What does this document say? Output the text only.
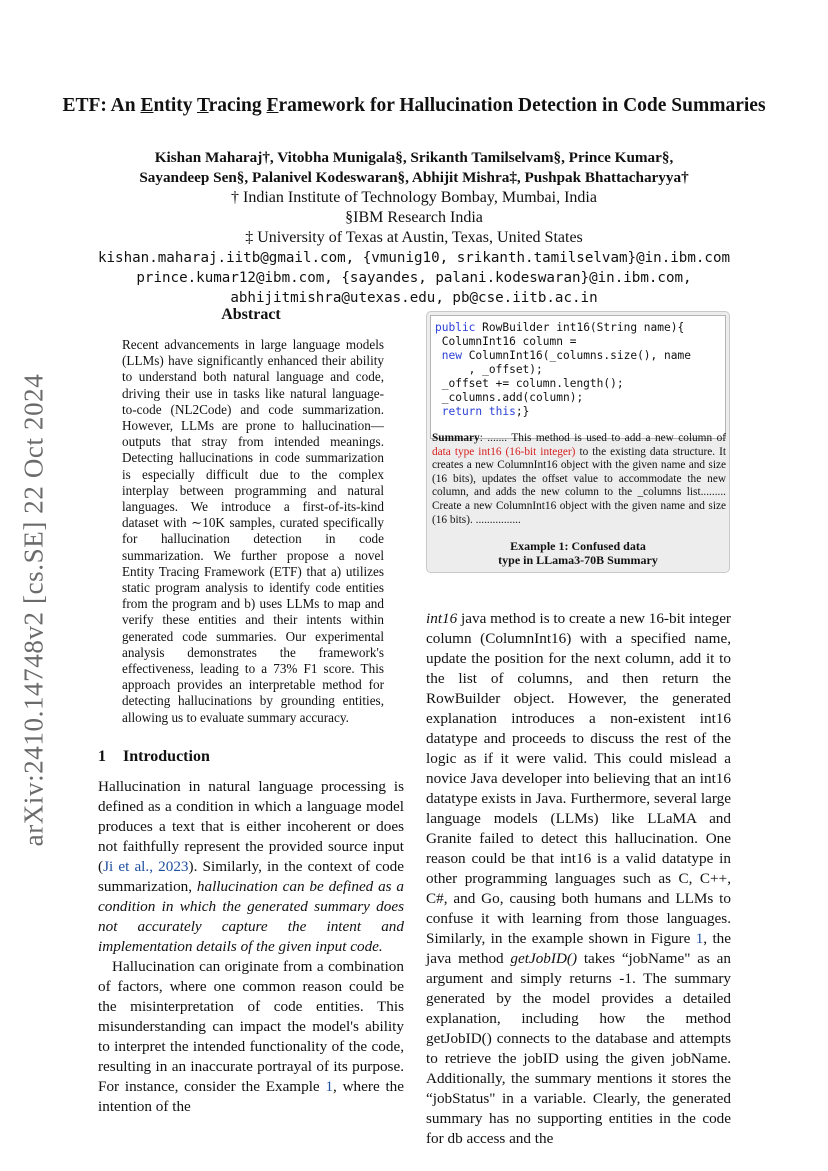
arXiv:2410.14748v2 [cs.SE] 22 Oct 2024
ETF: An Entity Tracing Framework for Hallucination Detection in Code Summaries
Kishan Maharaj†, Vitobha Munigala§, Srikanth Tamilselvam§, Prince Kumar§,
Sayandeep Sen§, Palanivel Kodeswaran§, Abhijit Mishra‡, Pushpak Bhattacharyya†
† Indian Institute of Technology Bombay, Mumbai, India
§IBM Research India
‡ University of Texas at Austin, Texas, United States
kishan.maharaj.iitb@gmail.com, {vmunig10, srikanth.tamilselvam}@in.ibm.com
prince.kumar12@ibm.com, {sayandes, palani.kodeswaran}@in.ibm.com,
abhijitmishra@utexas.edu, pb@cse.iitb.ac.in
Abstract

Recent advancements in large language models (LLMs) have significantly enhanced their ability to understand both natural language and code, driving their use in tasks like natural language-to-code (NL2Code) and code summarization. However, LLMs are prone to hallucination—outputs that stray from intended meanings. Detecting hallucinations in code summarization is especially difficult due to the complex interplay between programming and natural languages. We introduce a first-of-its-kind dataset with ∼10K samples, curated specifically for hallucination detection in code summarization. We further propose a novel Entity Tracing Framework (ETF) that a) utilizes static program analysis to identify code entities from the program and b) uses LLMs to map and verify these entities and their intents within generated code summaries. Our experimental analysis demonstrates the framework's effectiveness, leading to a 73% F1 score. This approach provides an interpretable method for detecting hallucinations by grounding entities, allowing us to evaluate summary accuracy.

1 Introduction

Hallucination in natural language processing is defined as a condition in which a language model produces a text that is either incoherent or does not faithfully represent the provided source input (Ji et al., 2023). Similarly, in the context of code summarization, hallucination can be defined as a condition in which the generated summary does not accurately capture the intent and implementation details of the given input code.

Hallucination can originate from a combination of factors, where one common reason could be the misinterpretation of code entities. This misunderstanding can impact the model's ability to interpret the intended functionality of the code, resulting in an inaccurate portrayal of its purpose. For instance, consider the Example 1, where the intention of the

public RowBuilder int16(String name){
ColumnInt16 column =
new ColumnInt16(_columns.size(), name
, _offset);
_offset += column.length();
_columns.add(column);
return this;}
Summary: ....... This method is used to add a new column of data type int16 (16-bit integer) to the existing data structure. It creates a new ColumnInt16 object with the given name and size (16 bits), updates the offset value to accommodate the new column, and adds the new column to the _columns list......... Create a new ColumnInt16 object with the given name and size (16 bits). ................
Example 1: Confused data
type in LLama3-70B Summary

int16 java method is to create a new 16-bit integer column (ColumnInt16) with a specified name, update the position for the next column, add it to the list of columns, and then return the RowBuilder object. However, the generated explanation introduces a non-existent int16 datatype and proceeds to discuss the rest of the logic as if it were valid. This could mislead a novice Java developer into believing that an int16 datatype exists in Java. Furthermore, several large language models (LLMs) like LLaMA and Granite failed to detect this hallucination. One reason could be that int16 is a valid datatype in other programming languages such as C, C++, C#, and Go, causing both humans and LLMs to confuse it with learning from those languages. Similarly, in the example shown in Figure 1, the java method getJobID() takes “jobName" as an argument and simply returns -1. The summary generated by the model provides a detailed explanation, including how the method getJobID() connects to the database and attempts to retrieve the jobID using the given jobName. Additionally, the summary mentions it stores the “jobStatus" in a variable. Clearly, the generated summary has no supporting entities in the code for db access and the
